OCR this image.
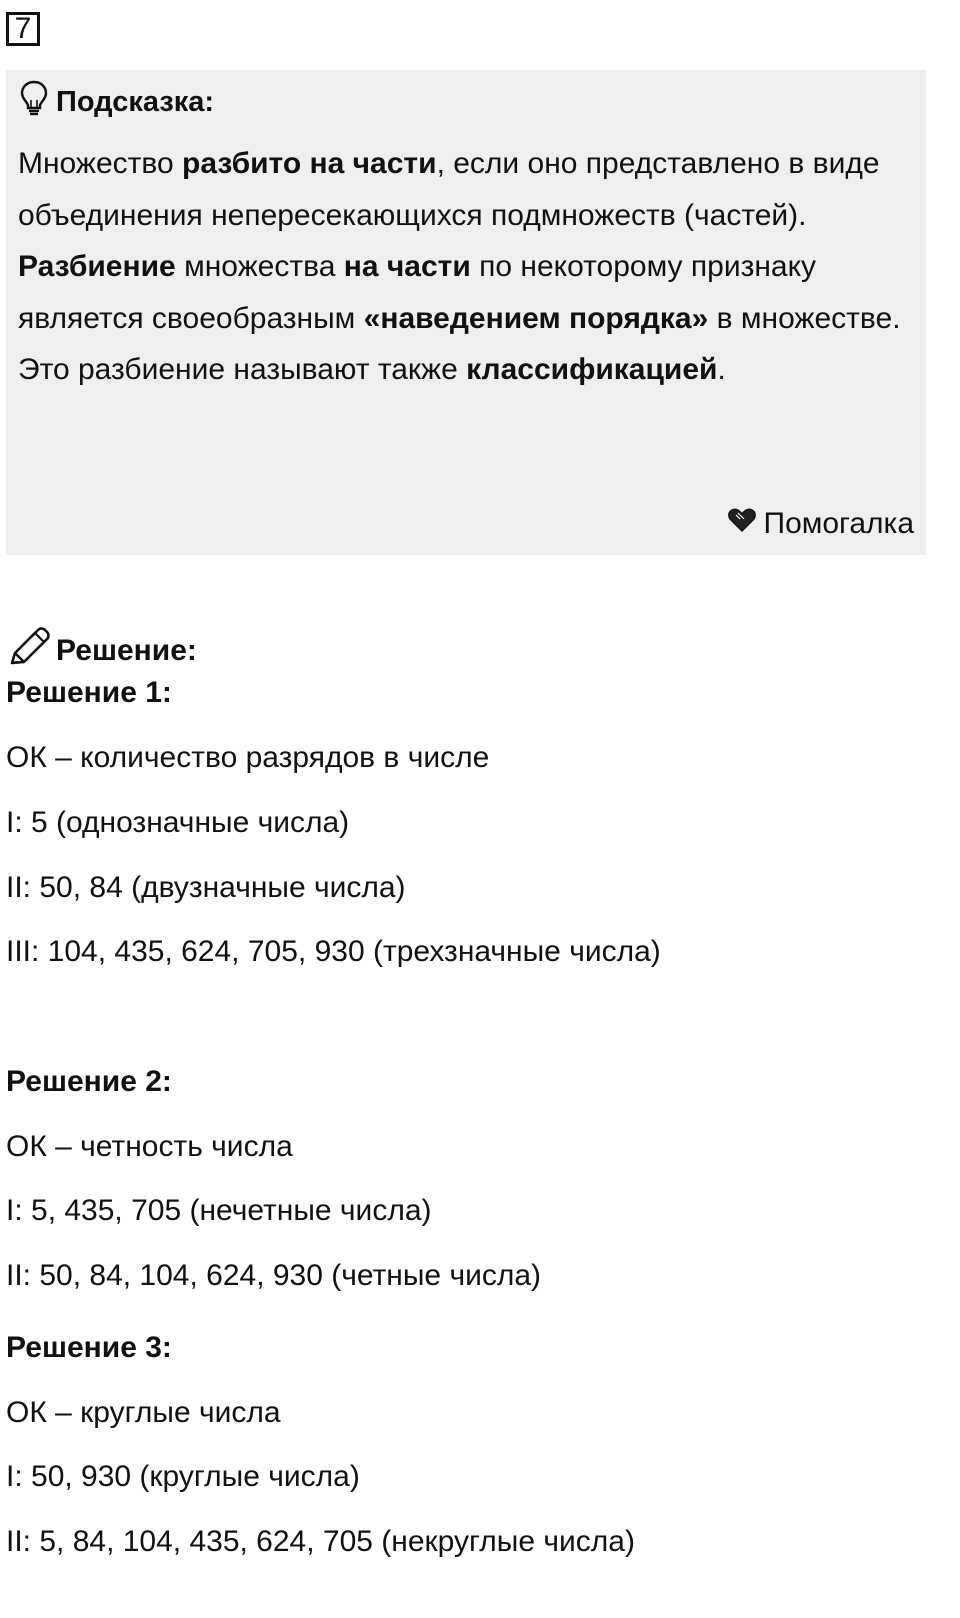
7
Подсказка:

Множество разбито на части, если оно представлено в виде объединения непересекающихся подмножеств (частей).

Разбиение множества на части по некоторому признаку является своеобразным «наведением порядка» в множестве. Это разбиение называют также классификацией.

Помогалка
Решение:
Решение 1:
ОК – количество разрядов в числе
I: 5 (однозначные числа)
II: 50, 84 (двузначные числа)
III: 104, 435, 624, 705, 930 (трехзначные числа)
Решение 2:
ОК – четность числа
I: 5, 435, 705 (нечетные числа)
II: 50, 84, 104, 624, 930 (четные числа)
Решение 3:
ОК – круглые числа
I: 50, 930 (круглые числа)
II: 5, 84, 104, 435, 624, 705 (некруглые числа)
